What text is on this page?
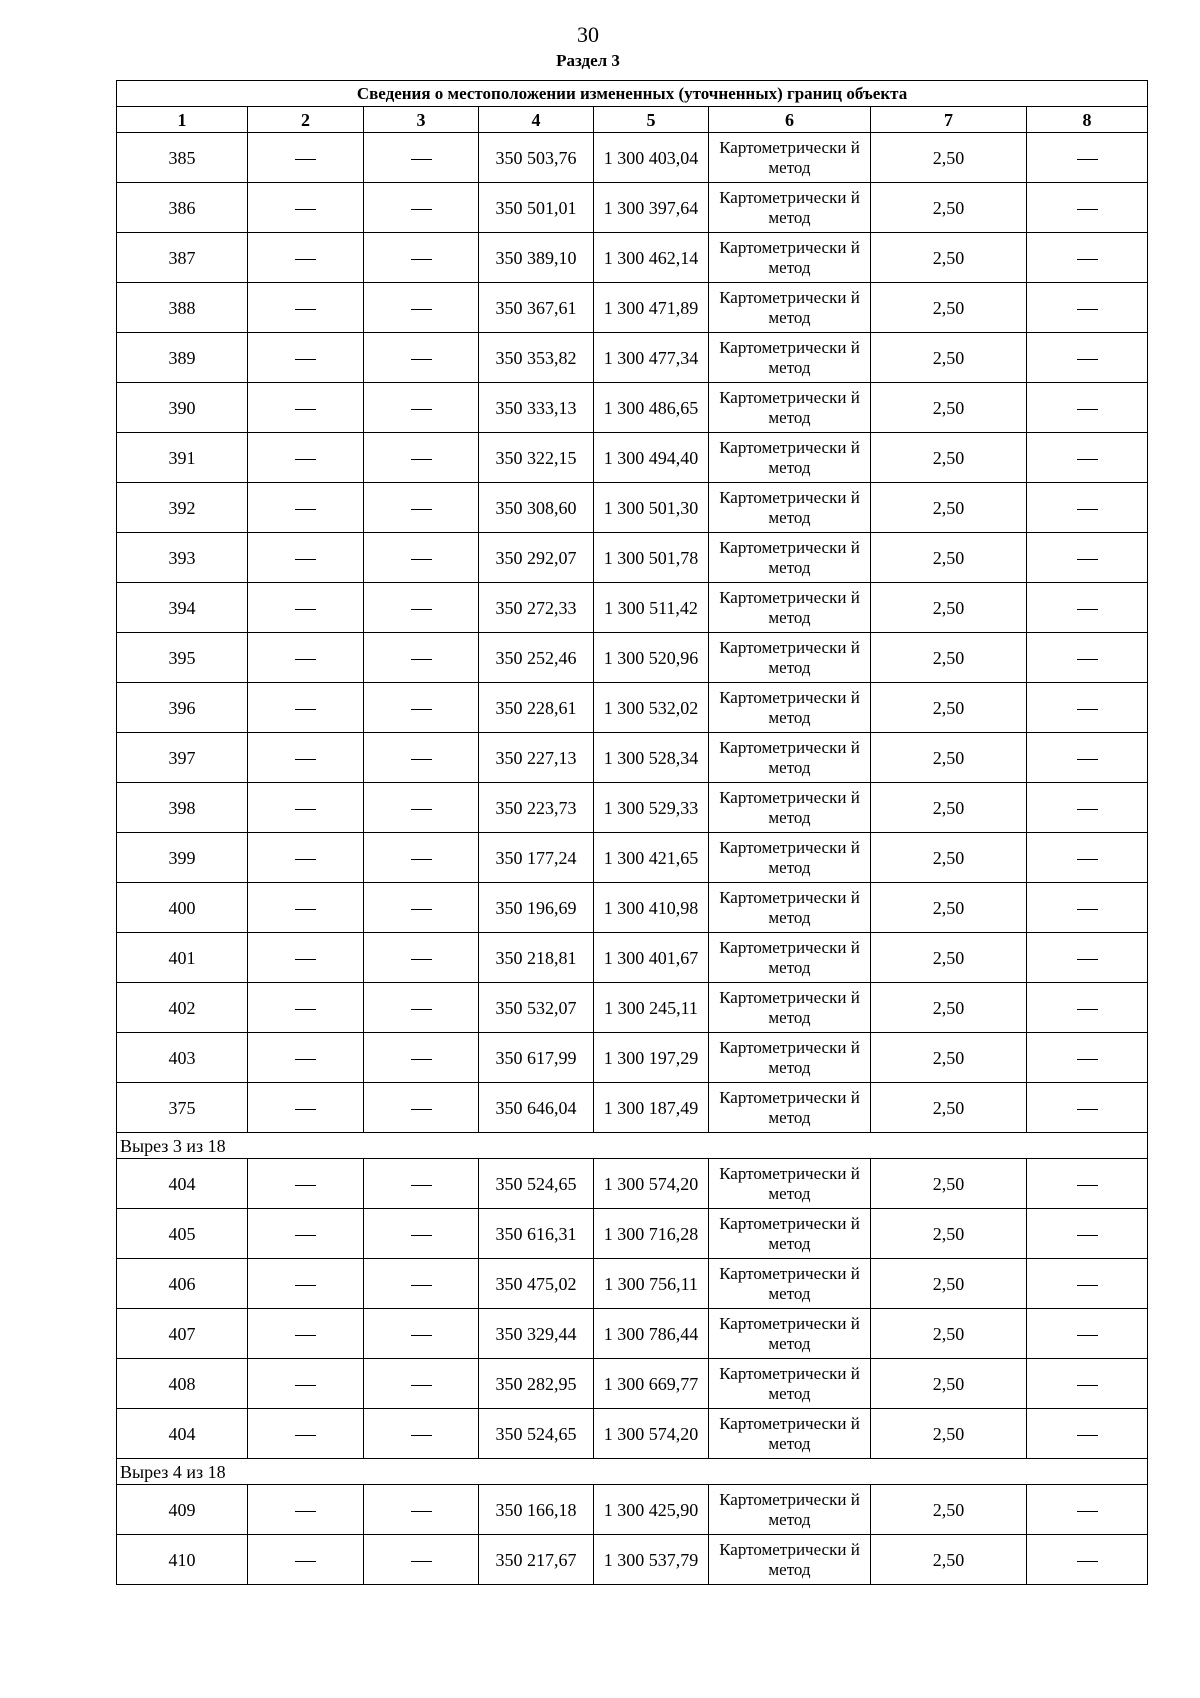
30
Раздел 3
Сведения о местоположении измененных (уточненных) границ объекта							
1	2	3	4	5	6	7	8
385			350 503,76	1 300 403,04	Картометрически й метод	2,50	
386			350 501,01	1 300 397,64	Картометрически й метод	2,50	
387			350 389,10	1 300 462,14	Картометрически й метод	2,50	
388			350 367,61	1 300 471,89	Картометрически й метод	2,50	
389			350 353,82	1 300 477,34	Картометрически й метод	2,50	
390			350 333,13	1 300 486,65	Картометрически й метод	2,50	
391			350 322,15	1 300 494,40	Картометрически й метод	2,50	
392			350 308,60	1 300 501,30	Картометрически й метод	2,50	
393			350 292,07	1 300 501,78	Картометрически й метод	2,50	
394			350 272,33	1 300 511,42	Картометрически й метод	2,50	
395			350 252,46	1 300 520,96	Картометрически й метод	2,50	
396			350 228,61	1 300 532,02	Картометрически й метод	2,50	
397			350 227,13	1 300 528,34	Картометрически й метод	2,50	
398			350 223,73	1 300 529,33	Картометрически й метод	2,50	
399			350 177,24	1 300 421,65	Картометрически й метод	2,50	
400			350 196,69	1 300 410,98	Картометрически й метод	2,50	
401			350 218,81	1 300 401,67	Картометрически й метод	2,50	
402			350 532,07	1 300 245,11	Картометрически й метод	2,50	
403			350 617,99	1 300 197,29	Картометрически й метод	2,50	
375			350 646,04	1 300 187,49	Картометрически й метод	2,50	
Вырез 3 из 18							
404			350 524,65	1 300 574,20	Картометрически й метод	2,50	
405			350 616,31	1 300 716,28	Картометрически й метод	2,50	
406			350 475,02	1 300 756,11	Картометрически й метод	2,50	
407			350 329,44	1 300 786,44	Картометрически й метод	2,50	
408			350 282,95	1 300 669,77	Картометрически й метод	2,50	
404			350 524,65	1 300 574,20	Картометрически й метод	2,50	
Вырез 4 из 18							
409			350 166,18	1 300 425,90	Картометрически й метод	2,50	
410			350 217,67	1 300 537,79	Картометрически й метод	2,50	
